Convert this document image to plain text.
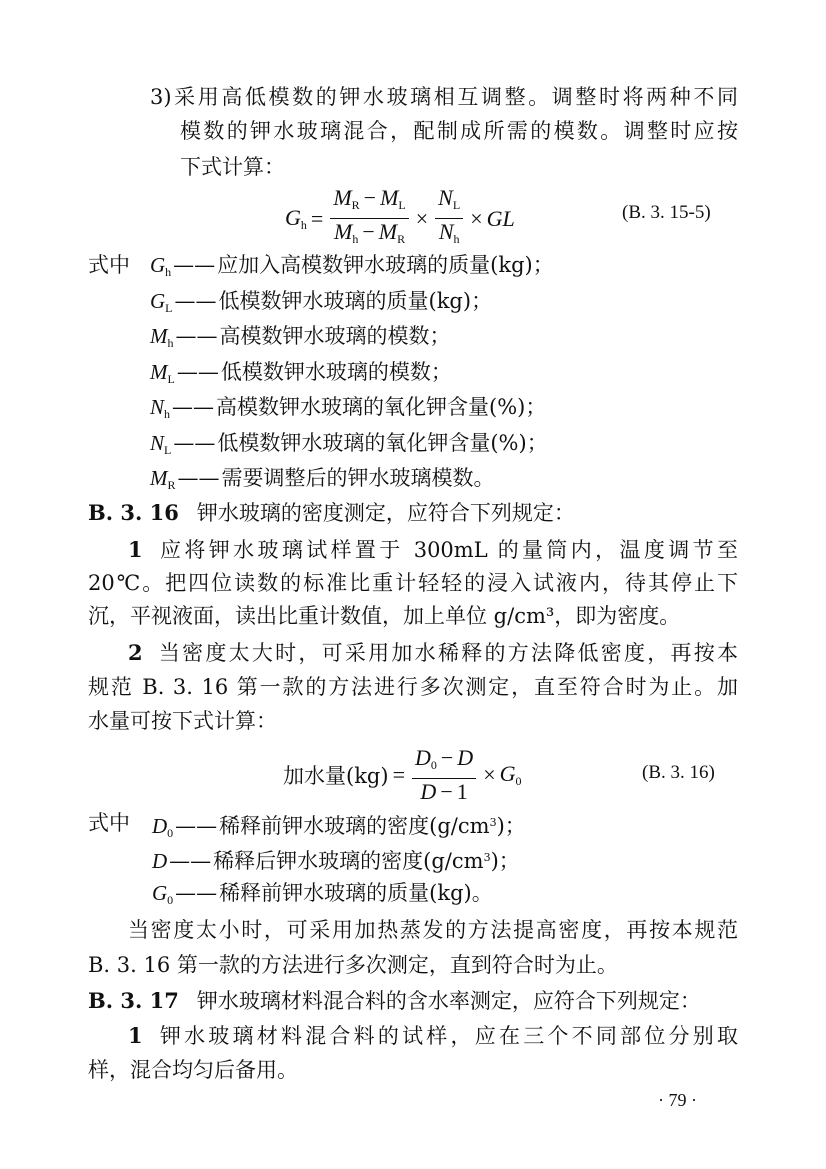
3)采用高低模数的钾水玻璃相互调整。调整时将两种不同
模数的钾水玻璃混合，配制成所需的模数。调整时应按
下式计算：
$G_h = \frac{M_R - M_L}{M_h - M_R} \times \frac{N_L}{N_h}$ × GL	(B. 3. 15-5)
式中 $G_h——$应加入高模数钾水玻璃的质量(kg)；
$G_L——$低模数钾水玻璃的质量(kg)；
$M_h——$高模数钾水玻璃的模数；
$M_L——$低模数钾水玻璃的模数；
$N_h——$高模数钾水玻璃的氧化钾含量(%)；
$N_L——$低模数钾水玻璃的氧化钾含量(%)；
$M_R——$需要调整后的钾水玻璃模数。
B. 3. 16 钾水玻璃的密度测定，应符合下列规定：
1 应将钾水玻璃试样置于 300mL 的量筒内，温度调节至
20℃。把四位读数的标准比重计轻轻的浸入试液内，待其停止下
沉，平视液面，读出比重计数值，加上单位 g/cm³，即为密度。
2 当密度太大时，可采用加水稀释的方法降低密度，再按本
规范 B. 3. 16 第一款的方法进行多次测定，直至符合时为止。加
水量可按下式计算：
加水量$(kg) = \frac{D_0 - D}{D - 1} \times G_0$	(B. 3. 16)
式中 $D_0——$稀释前钾水玻璃的密度$(g/cm^3)$；
D——稀释后钾水玻璃的密度$(g/cm^3)$；
$G_0——$稀释前钾水玻璃的质量(kg)。
当密度太小时，可采用加热蒸发的方法提高密度，再按本规范
B. 3. 16 第一款的方法进行多次测定，直到符合时为止。
B. 3. 17 钾水玻璃材料混合料的含水率测定，应符合下列规定：
1 钾水玻璃材料混合料的试样，应在三个不同部位分别取
样，混合均匀后备用。
· 79 ·
